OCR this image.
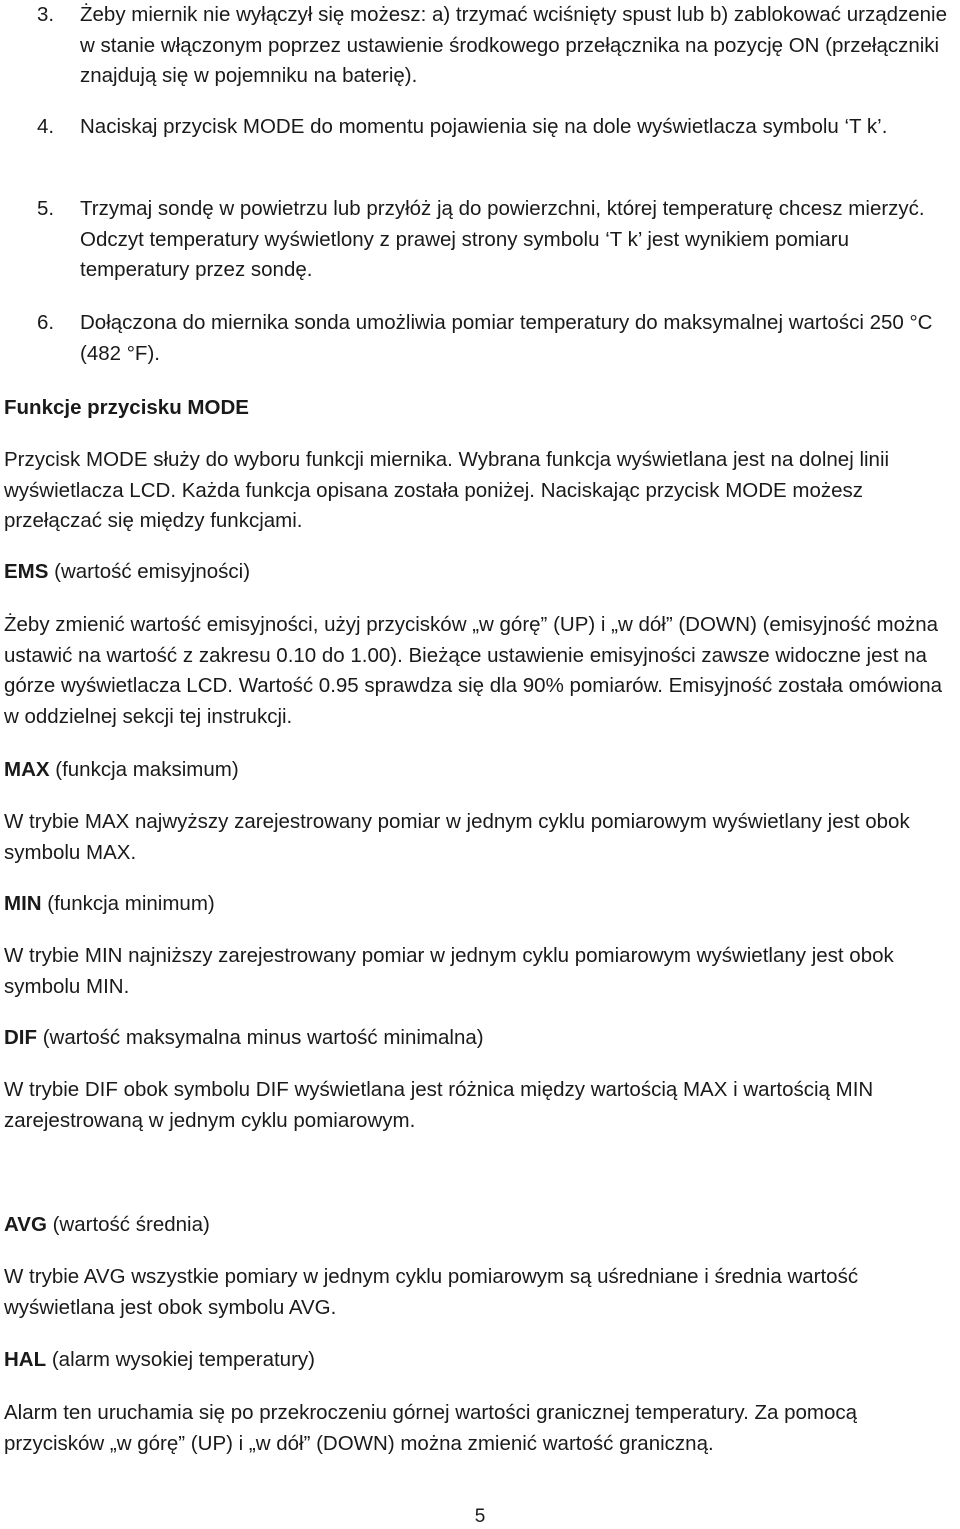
3. Żeby miernik nie wyłączył się możesz: a) trzymać wciśnięty spust lub b) zablokować urządzenie w stanie włączonym poprzez ustawienie środkowego przełącznika na pozycję ON (przełączniki znajdują się w pojemniku na baterię).
4. Naciskaj przycisk MODE do momentu pojawienia się na dole wyświetlacza symbolu ‘T k’.
5. Trzymaj sondę w powietrzu lub przyłóż ją do powierzchni, której temperaturę chcesz mierzyć. Odczyt temperatury wyświetlony z prawej strony symbolu ‘T k’ jest wynikiem pomiaru temperatury przez sondę.
6. Dołączona do miernika sonda umożliwia pomiar temperatury do maksymalnej wartości 250 °C (482 °F).
Funkcje przycisku MODE
Przycisk MODE służy do wyboru funkcji miernika. Wybrana funkcja wyświetlana jest na dolnej linii wyświetlacza LCD. Każda funkcja opisana została poniżej. Naciskając przycisk MODE możesz przełączać się między funkcjami.
EMS (wartość emisyjności)
Żeby zmienić wartość emisyjności, użyj przycisków „w górę” (UP) i „w dół” (DOWN) (emisyjność można ustawić na wartość z zakresu 0.10 do 1.00). Bieżące ustawienie emisyjności zawsze widoczne jest na górze wyświetlacza LCD. Wartość 0.95 sprawdza się dla 90% pomiarów. Emisyjność została omówiona w oddzielnej sekcji tej instrukcji.
MAX (funkcja maksimum)
W trybie MAX najwyższy zarejestrowany pomiar w jednym cyklu pomiarowym wyświetlany jest obok symbolu MAX.
MIN (funkcja minimum)
W trybie MIN najniższy zarejestrowany pomiar w jednym cyklu pomiarowym wyświetlany jest obok symbolu MIN.
DIF (wartość maksymalna minus wartość minimalna)
W trybie DIF obok symbolu DIF wyświetlana jest różnica między wartością MAX i wartością MIN zarejestrowaną w jednym cyklu pomiarowym.
AVG (wartość średnia)
W trybie AVG wszystkie pomiary w jednym cyklu pomiarowym są uśredniane i średnia wartość wyświetlana jest obok symbolu AVG.
HAL (alarm wysokiej temperatury)
Alarm ten uruchamia się po przekroczeniu górnej wartości granicznej temperatury. Za pomocą przycisków „w górę” (UP) i „w dół” (DOWN) można zmienić wartość graniczną.
5
